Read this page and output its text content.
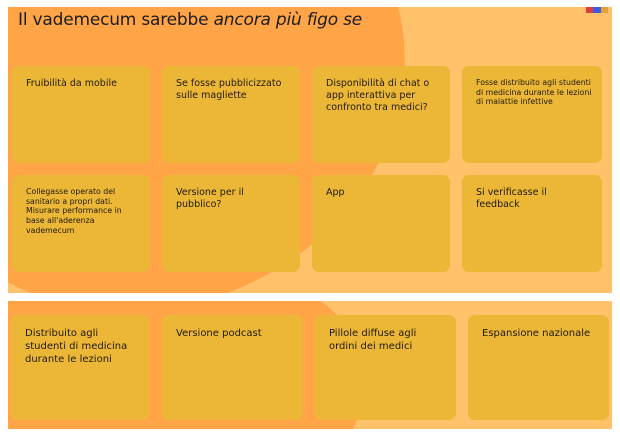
Il vademecum sarebbe ancora più figo se
Fruibilità da mobile	Se fosse pubblicizzato sulle magliette
Disponibilità di chat o app interattiva per confronto tra medici?
Fosse distribuito agli studenti di medicina durante le lezioni di malattie infettive
Collegasse operato del sanitario a propri dati. Misurare performance in base all'aderenza vademecum
Versione per il pubblico?
App	Si verificasse il feedback
Distribuito agli studenti di medicina durante le lezioni
Versione podcast	Pillole diffuse agli ordini dei medici
Espansione nazionale
